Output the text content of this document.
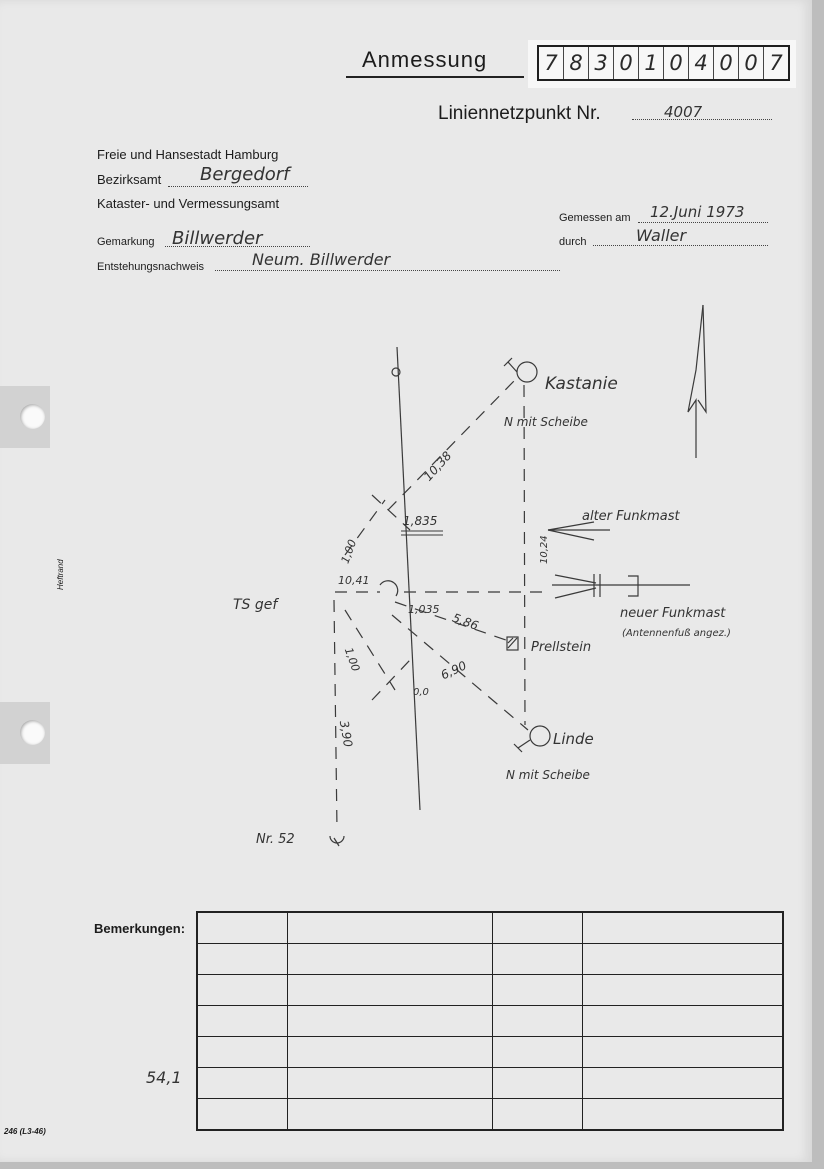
Anmessung	7 8 3 0 1 0 4 0 0 7
Liniennetzpunkt Nr.	4007
Freie und Hansestadt Hamburg
Bezirksamt Bergedorf
Kataster- und Vermessungsamt
Gemarkung Billwerder
Entstehungsnachweis	Neum. Billwerder
Gemessen am 12.Juni 1973
durch	Waller
Heftrand
Kastanie
N mit Scheibe
alter Funkmast
neuer Funkmast
(Antennenfuß angez.)
Prellstein
Linde
N mit Scheibe
TS gef
Nr. 52
10,38
1,835
10,41
1,035
5,86
6,90
1,00
1,00
3,90
0,0
10,24
Bemerkungen:

54,1
246 (L3-46)
